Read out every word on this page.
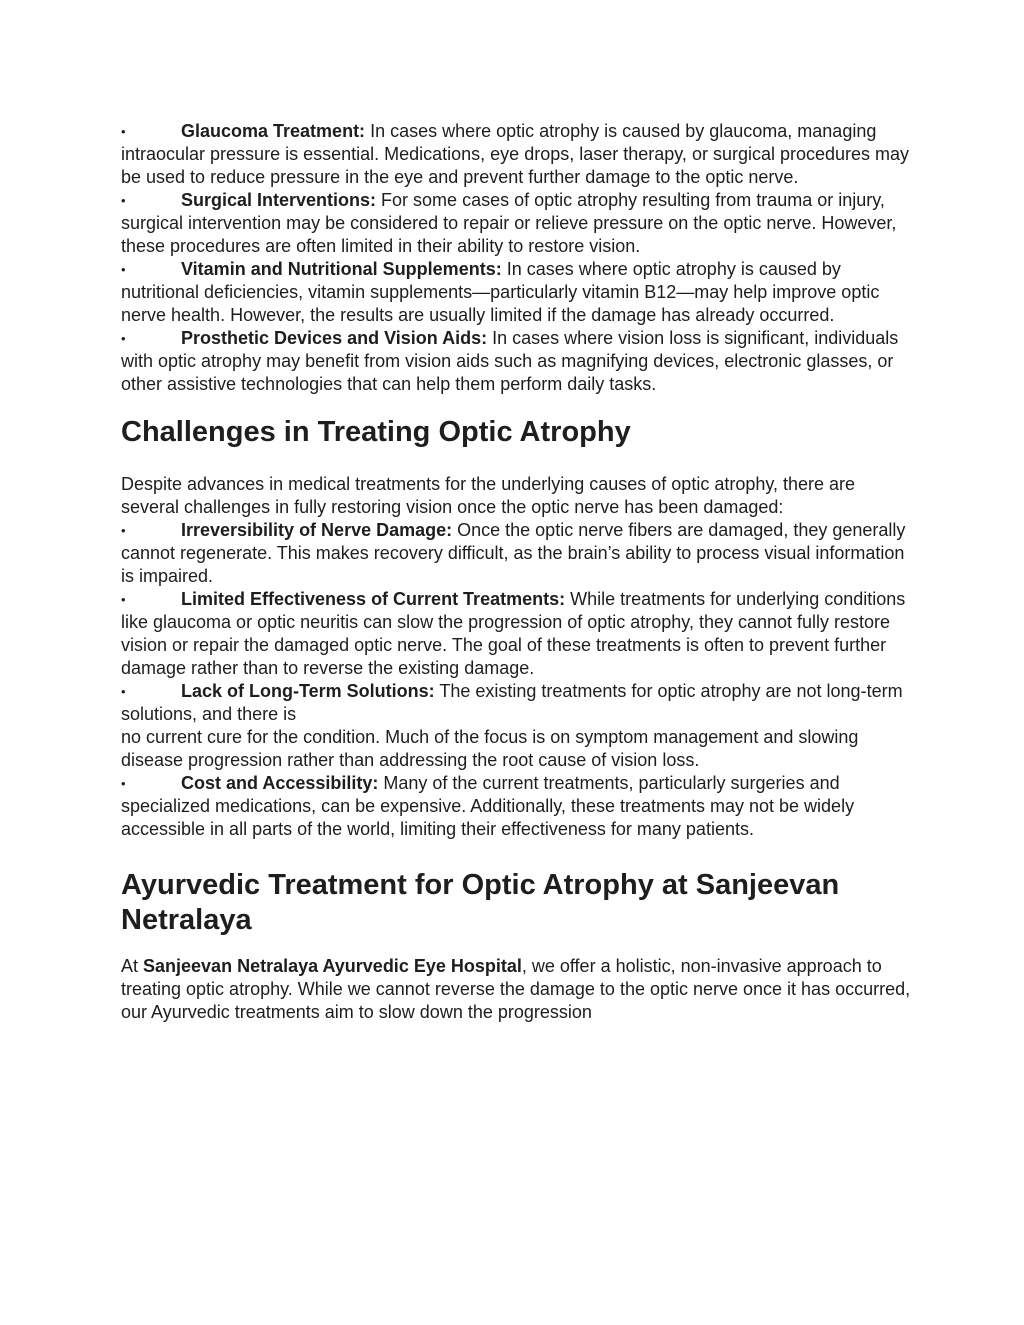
•	Glaucoma Treatment: In cases where optic atrophy is caused by glaucoma, managing intraocular pressure is essential. Medications, eye drops, laser therapy, or surgical procedures may be used to reduce pressure in the eye and prevent further damage to the optic nerve.

•	Surgical Interventions: For some cases of optic atrophy resulting from trauma or injury, surgical intervention may be considered to repair or relieve pressure on the optic nerve. However, these procedures are often limited in their ability to restore vision.

•	Vitamin and Nutritional Supplements: In cases where optic atrophy is caused by nutritional deficiencies, vitamin supplements—particularly vitamin B12—may help improve optic nerve health. However, the results are usually limited if the damage has already occurred.

•	Prosthetic Devices and Vision Aids: In cases where vision loss is significant, individuals with optic atrophy may benefit from vision aids such as magnifying devices, electronic glasses, or other assistive technologies that can help them perform daily tasks.

Challenges in Treating Optic Atrophy

Despite advances in medical treatments for the underlying causes of optic atrophy, there are several challenges in fully restoring vision once the optic nerve has been damaged:

•	Irreversibility of Nerve Damage: Once the optic nerve fibers are damaged, they generally cannot regenerate. This makes recovery difficult, as the brain’s ability to process visual information is impaired.

•	Limited Effectiveness of Current Treatments: While treatments for underlying conditions like glaucoma or optic neuritis can slow the progression of optic atrophy, they cannot fully restore vision or repair the damaged optic nerve. The goal of these treatments is often to prevent further damage rather than to reverse the existing damage.

•	Lack of Long-Term Solutions: The existing treatments for optic atrophy are not long-term solutions, and there is
no current cure for the condition. Much of the focus is on symptom management and slowing disease progression rather than addressing the root cause of vision loss.

•	Cost and Accessibility: Many of the current treatments, particularly surgeries and specialized medications, can be expensive. Additionally, these treatments may not be widely accessible in all parts of the world, limiting their effectiveness for many patients.

Ayurvedic Treatment for Optic Atrophy at Sanjeevan Netralaya

At Sanjeevan Netralaya Ayurvedic Eye Hospital, we offer a holistic, non-invasive approach to treating optic atrophy. While we cannot reverse the damage to the optic nerve once it has occurred, our Ayurvedic treatments aim to slow down the progression
